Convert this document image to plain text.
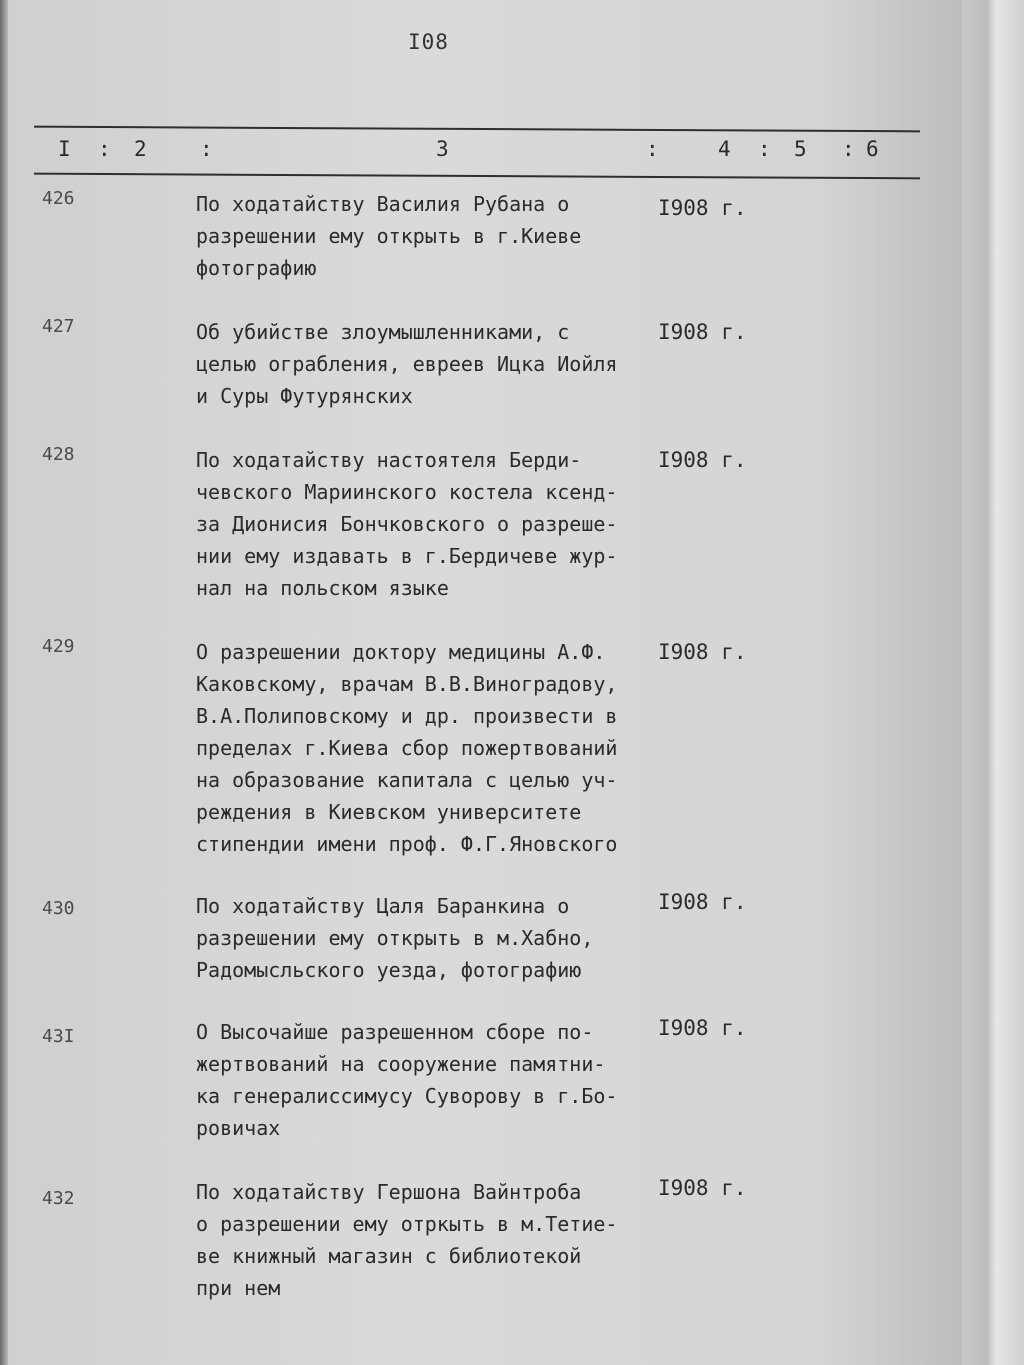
I08
I : 2	:	3	:	4 : 5 : 6
426	По ходатайству Василия Рубана о
разрешении ему открыть в г.Киеве
фотографию
I908 г.
427	Об убийстве злоумышленниками, с
целью ограбления, евреев Ицка Иойля
и Суры Футурянских
I908 г.
428	По ходатайству настоятеля Берди-
чевского Мариинского костела ксенд-
за Дионисия Бончковского о разреше-
нии ему издавать в г.Бердичеве жур-
нал на польском языке
I908 г.
429	О разрешении доктору медицины А.Ф.
Каковскому, врачам В.В.Виноградову,
В.А.Полиповскому и др. произвести в
пределах г.Киева сбор пожертвований
на образование капитала с целью уч-
реждения в Киевском университете
стипендии имени проф. Ф.Г.Яновского
I908 г.
430	По ходатайству Цаля Баранкина о
разрешении ему открыть в м.Хабно,
Радомысльского уезда, фотографию
I908 г.
43I	О Высочайше разрешенном сборе по-
жертвований на сооружение памятни-
ка генералиссимусу Суворову в г.Бо-
ровичах
I908 г.
432	По ходатайству Гершона Вайнтроба
о разрешении ему отркыть в м.Тетие-
ве книжный магазин с библиотекой
при нем
I908 г.
